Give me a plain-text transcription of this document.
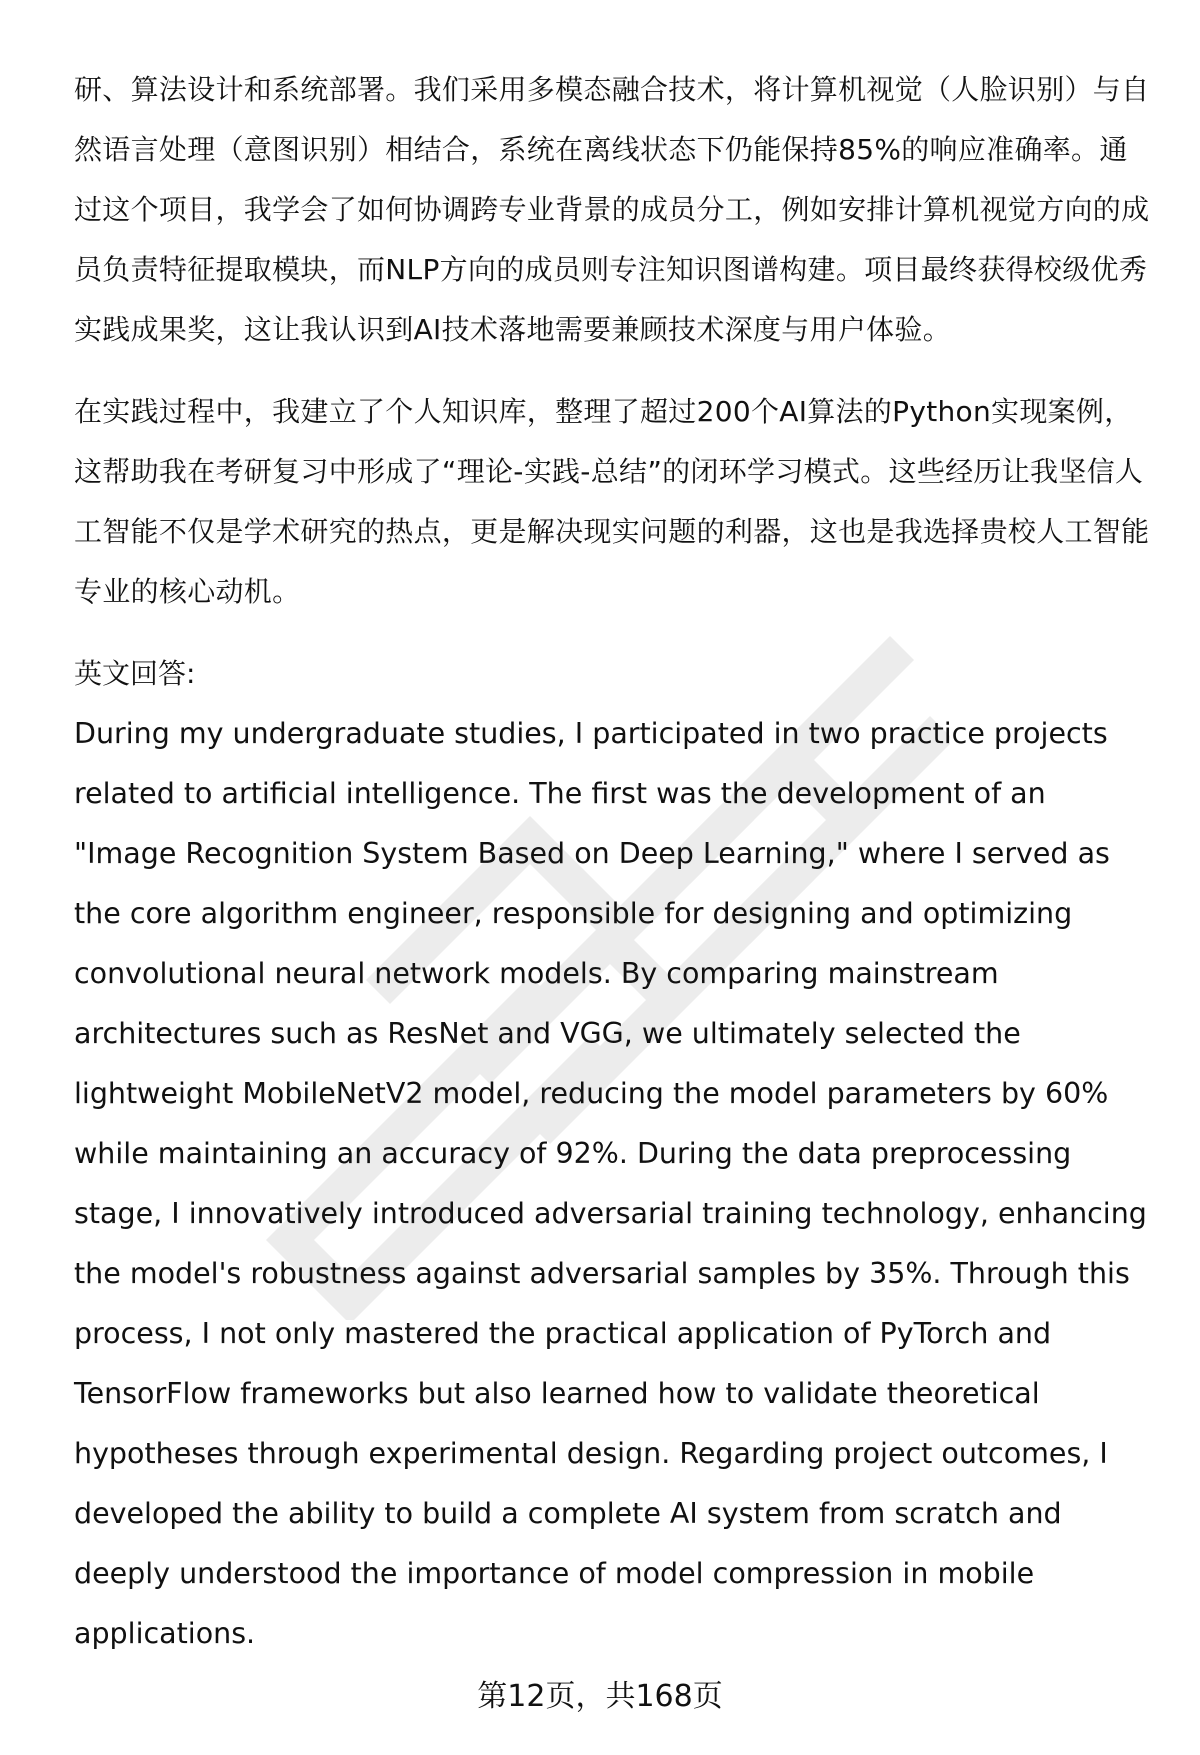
研、算法设计和系统部署。我们采用多模态融合技术，将计算机视觉（人脸识别）与自然语言处理（意图识别）相结合，系统在离线状态下仍能保持85%的响应准确率。通过这个项目，我学会了如何协调跨专业背景的成员分工，例如安排计算机视觉方向的成员负责特征提取模块，而NLP方向的成员则专注知识图谱构建。项目最终获得校级优秀实践成果奖，这让我认识到AI技术落地需要兼顾技术深度与用户体验。

在实践过程中，我建立了个人知识库，整理了超过200个AI算法的Python实现案例，这帮助我在考研复习中形成了“理论-实践-总结”的闭环学习模式。这些经历让我坚信人工智能不仅是学术研究的热点，更是解决现实问题的利器，这也是我选择贵校人工智能专业的核心动机。

英文回答:

During my undergraduate studies, I participated in two practice projects related to artificial intelligence. The first was the development of an "Image Recognition System Based on Deep Learning," where I served as the core algorithm engineer, responsible for designing and optimizing convolutional neural network models. By comparing mainstream architectures such as ResNet and VGG, we ultimately selected the lightweight MobileNetV2 model, reducing the model parameters by 60% while maintaining an accuracy of 92%. During the data preprocessing stage, I innovatively introduced adversarial training technology, enhancing the model's robustness against adversarial samples by 35%. Through this process, I not only mastered the practical application of PyTorch and TensorFlow frameworks but also learned how to validate theoretical hypotheses through experimental design. Regarding project outcomes, I developed the ability to build a complete AI system from scratch and deeply understood the importance of model compression in mobile applications.

第12页，共168页
